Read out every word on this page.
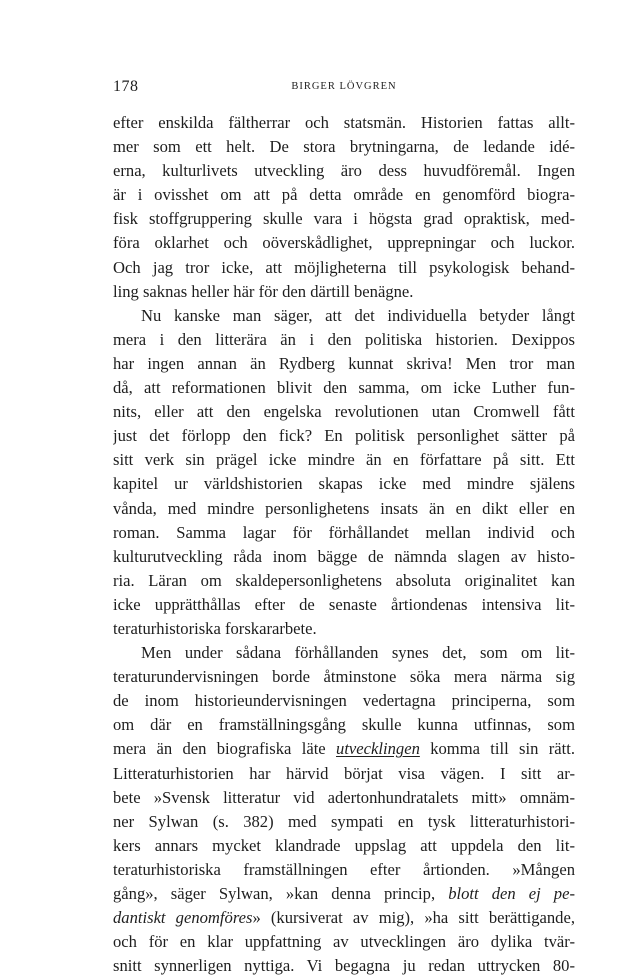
178	BIRGER LÖVGREN
efter enskilda fältherrar och statsmän. Historien fattas allt-
mer som ett helt. De stora brytningarna, de ledande idé-
erna, kulturlivets utveckling äro dess huvudföremål. Ingen
är i ovisshet om att på detta område en genomförd biogra-
fisk stoffgruppering skulle vara i högsta grad opraktisk, med-
föra oklarhet och oöverskådlighet, upprepningar och luckor.
Och jag tror icke, att möjligheterna till psykologisk behand-
ling saknas heller här för den därtill benägne.
Nu kanske man säger, att det individuella betyder långt
mera i den litterära än i den politiska historien. Dexippos
har ingen annan än Rydberg kunnat skriva! Men tror man
då, att reformationen blivit den samma, om icke Luther fun-
nits, eller att den engelska revolutionen utan Cromwell fått
just det förlopp den fick? En politisk personlighet sätter på
sitt verk sin prägel icke mindre än en författare på sitt. Ett
kapitel ur världshistorien skapas icke med mindre själens
vånda, med mindre personlighetens insats än en dikt eller en
roman. Samma lagar för förhållandet mellan individ och
kulturutveckling råda inom bägge de nämnda slagen av histo-
ria. Läran om skaldepersonlighetens absoluta originalitet kan
icke upprätthållas efter de senaste årtiondenas intensiva lit-
teraturhistoriska forskararbete.
Men under sådana förhållanden synes det, som om lit-
teraturundervisningen borde åtminstone söka mera närma sig
de inom historieundervisningen vedertagna principerna, som
om där en framställningsgång skulle kunna utfinnas, som
mera än den biografiska läte utvecklingen komma till sin rätt.
Litteraturhistorien har härvid börjat visa vägen. I sitt ar-
bete »Svensk litteratur vid adertonhundratalets mitt» omnäm-
ner Sylwan (s. 382) med sympati en tysk litteraturhistori-
kers annars mycket klandrade uppslag att uppdela den lit-
teraturhistoriska framställningen efter årtionden. »Mången
gång», säger Sylwan, »kan denna princip, blott den ej pe-
dantiskt genomföres» (kursiverat av mig), »ha sitt berättigande,
och för en klar uppfattning av utvecklingen äro dylika tvär-
snitt synnerligen nyttiga. Vi begagna ju redan uttrycken 80-
